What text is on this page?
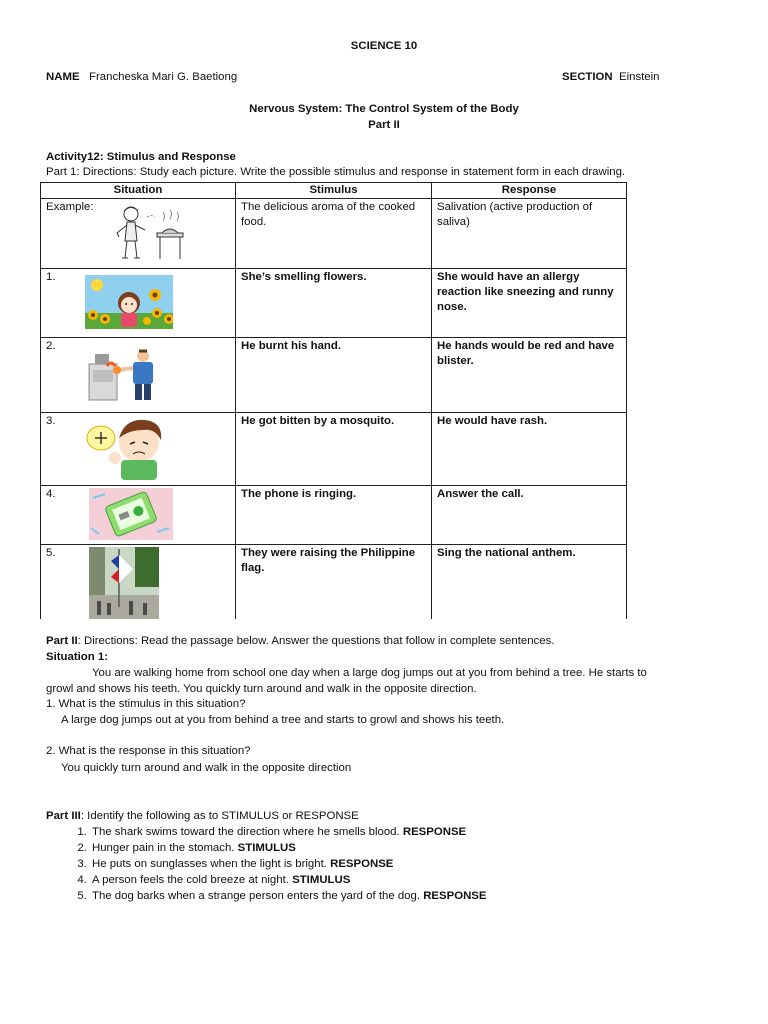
SCIENCE 10
NAME Francheska Mari G. Baetiong	SECTION Einstein
Nervous System: The Control System of the Body
Part II
Activity12: Stimulus and Response
Part 1: Directions: Study each picture. Write the possible stimulus and response in statement form in each drawing.
Situation	Stimulus	Response
Example:	The delicious aroma of the cooked food.	Salivation (active production of saliva)

1.	She’s smelling flowers.	She would have an allergy reaction like sneezing and runny nose.

2.	He burnt his hand.	He hands would be red and have blister.

3.	He got bitten by a mosquito.	He would have rash.

4.	The phone is ringing.	Answer the call.

5.	They were raising the Philippine flag.	Sing the national anthem.
Part II: Directions: Read the passage below. Answer the questions that follow in complete sentences.
Situation 1:
You are walking home from school one day when a large dog jumps out at you from behind a tree. He starts to
growl and shows his teeth. You quickly turn around and walk in the opposite direction.
1. What is the stimulus in this situation?
A large dog jumps out at you from behind a tree and starts to growl and shows his teeth.
2. What is the response in this situation?
You quickly turn around and walk in the opposite direction
Part III: Identify the following as to STIMULUS or RESPONSE
1. The shark swims toward the direction where he smells blood. RESPONSE
2. Hunger pain in the stomach. STIMULUS
3. He puts on sunglasses when the light is bright. RESPONSE
4. A person feels the cold breeze at night. STIMULUS
5. The dog barks when a strange person enters the yard of the dog. RESPONSE
